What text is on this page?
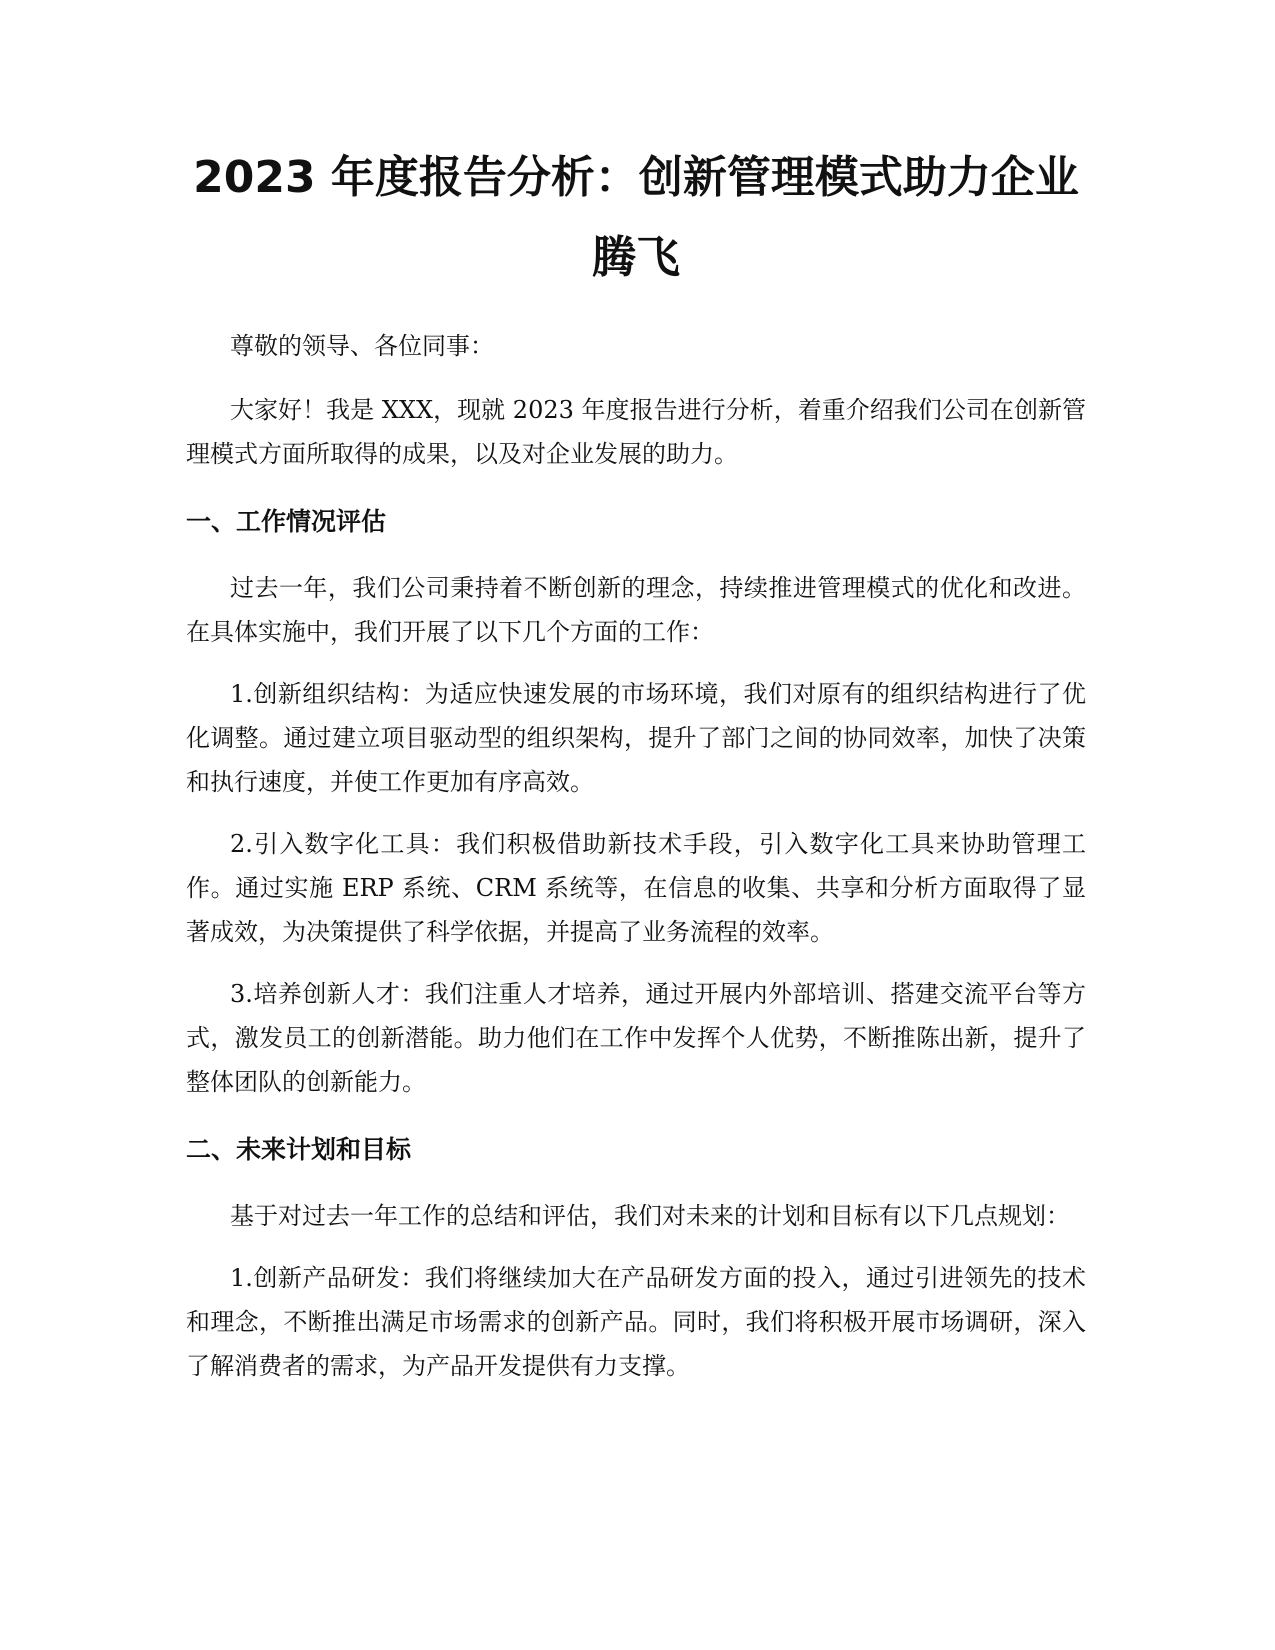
2023 年度报告分析：创新管理模式助力企业
腾飞

尊敬的领导、各位同事：

大家好！我是 XXX，现就 2023 年度报告进行分析，着重介绍我们公司在创新管理模式方面所取得的成果，以及对企业发展的助力。

一、工作情况评估

过去一年，我们公司秉持着不断创新的理念，持续推进管理模式的优化和改进。在具体实施中，我们开展了以下几个方面的工作：

1.创新组织结构：为适应快速发展的市场环境，我们对原有的组织结构进行了优化调整。通过建立项目驱动型的组织架构，提升了部门之间的协同效率，加快了决策和执行速度，并使工作更加有序高效。

2.引入数字化工具：我们积极借助新技术手段，引入数字化工具来协助管理工作。通过实施 ERP 系统、CRM 系统等，在信息的收集、共享和分析方面取得了显著成效，为决策提供了科学依据，并提高了业务流程的效率。

3.培养创新人才：我们注重人才培养，通过开展内外部培训、搭建交流平台等方式，激发员工的创新潜能。助力他们在工作中发挥个人优势，不断推陈出新，提升了整体团队的创新能力。

二、未来计划和目标

基于对过去一年工作的总结和评估，我们对未来的计划和目标有以下几点规划：

1.创新产品研发：我们将继续加大在产品研发方面的投入，通过引进领先的技术和理念，不断推出满足市场需求的创新产品。同时，我们将积极开展市场调研，深入了解消费者的需求，为产品开发提供有力支撑。
